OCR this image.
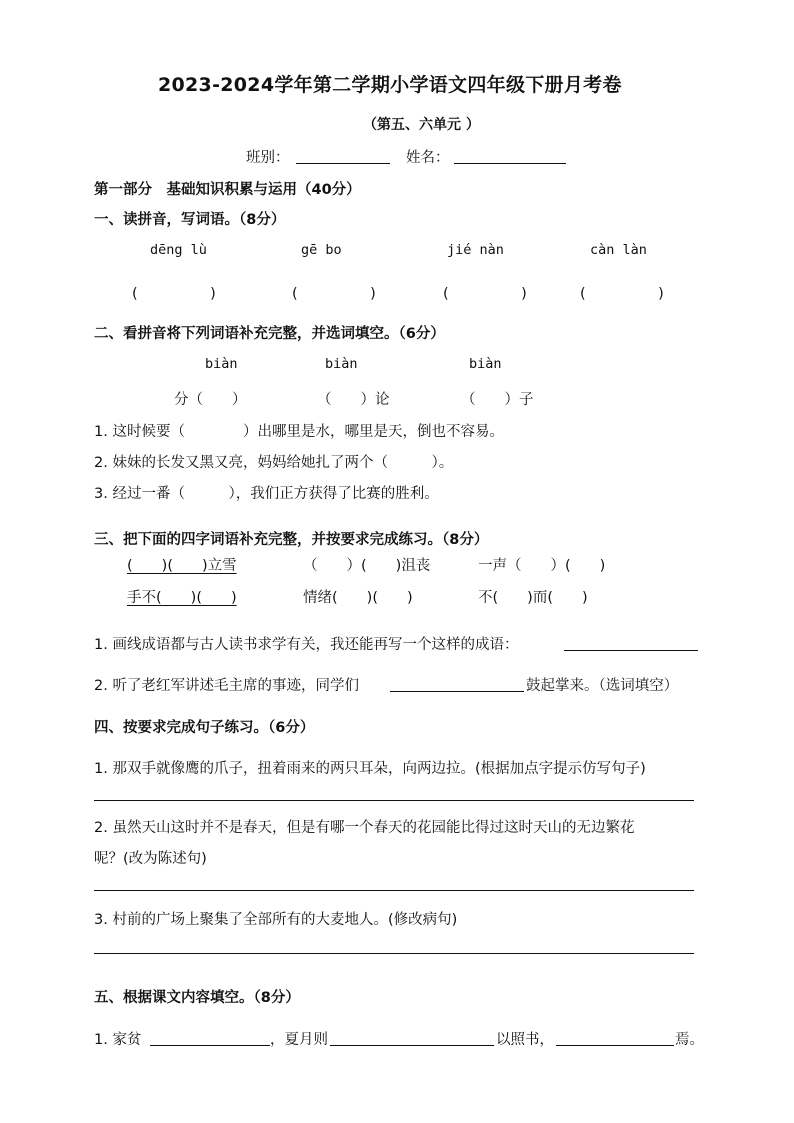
2023-2024学年第二学期小学语文四年级下册月考卷
（第五、六单元 ）
班别：	姓名：
第一部分　基础知识积累与运用（40分）
一、读拼音，写词语。（8分）
dēng lù	gē bo	jié nàn	càn làn
(　　　　　)	(　　　　　)	(　　　　　)	(　　　　　)
二、看拼音将下列词语补充完整，并选词填空。（6分）
biàn	biàn	biàn
分（　　）	（　　）论	（　　）子
1. 这时候要（　　　　）出哪里是水，哪里是天，倒也不容易。
2. 妹妹的长发又黑又亮，妈妈给她扎了两个（　　　）。
3. 经过一番（　　　），我们正方获得了比赛的胜利。
三、把下面的四字词语补充完整，并按要求完成练习。（8分）
(　　)(　　)立雪	（　　）(　　)沮丧	一声（　　）(　　)
手不(　　)(　　)	情绪(　　)(　　)	不(　　)而(　　)
1. 画线成语都与古人读书求学有关，我还能再写一个这样的成语：
2. 听了老红军讲述毛主席的事迹，同学们	鼓起掌来。（选词填空）
四、按要求完成句子练习。（6分）
1. 那双手就像鹰的爪子，扭着雨来的两只耳朵，向两边拉。(根据加点字提示仿写句子)
2. 虽然天山这时并不是春天，但是有哪一个春天的花园能比得过这时天山的无边繁花
呢？(改为陈述句)
3. 村前的广场上聚集了全部所有的大麦地人。(修改病句)
五、根据课文内容填空。（8分）
1. 家贫	，夏月则	以照书，	焉。
